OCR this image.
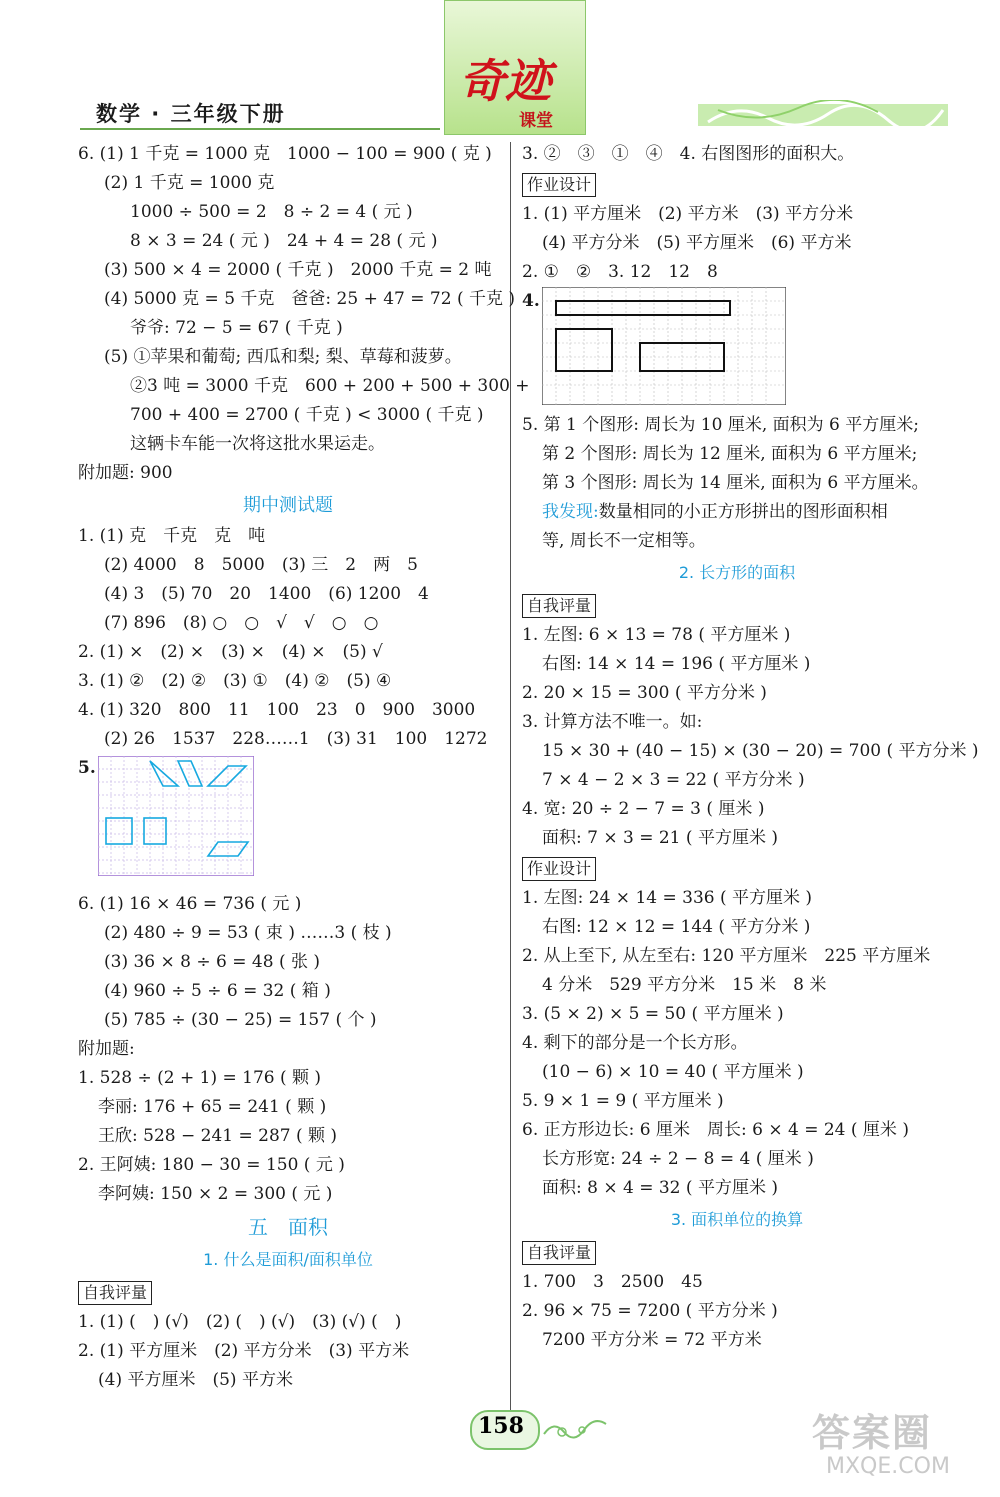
数学 · 三年级下册
奇迹
课堂
6. (1) 1 千克 = 1000 克　1000 − 100 = 900 ( 克 )
(2) 1 千克 = 1000 克
1000 ÷ 500 = 2　8 ÷ 2 = 4 ( 元 )
8 × 3 = 24 ( 元 )　24 + 4 = 28 ( 元 )
(3) 500 × 4 = 2000 ( 千克 )　2000 千克 = 2 吨
(4) 5000 克 = 5 千克　爸爸: 25 + 47 = 72 ( 千克 )
爷爷: 72 − 5 = 67 ( 千克 )
(5) ①苹果和葡萄; 西瓜和梨; 梨、草莓和菠萝。
②3 吨 = 3000 千克　600 + 200 + 500 + 300 +
700 + 400 = 2700 ( 千克 ) < 3000 ( 千克 )
这辆卡车能一次将这批水果运走。
附加题: 900
期中测试题
1. (1) 克　千克　克　吨
(2) 4000　8　5000　(3) 三　2　两　5
(4) 3　(5) 70　20　1400　(6) 1200　4
(7) 896　(8) ○　○　√　√　○　○
2. (1) ×　(2) ×　(3) ×　(4) ×　(5) √
3. (1) ②　(2) ②　(3) ①　(4) ②　(5) ④
4. (1) 320　800　11　100　23　0　900　3000
(2) 26　1537　228……1　(3) 31　100　1272
5.
6. (1) 16 × 46 = 736 ( 元 )
(2) 480 ÷ 9 = 53 ( 束 ) ……3 ( 枝 )
(3) 36 × 8 ÷ 6 = 48 ( 张 )
(4) 960 ÷ 5 ÷ 6 = 32 ( 箱 )
(5) 785 ÷ (30 − 25) = 157 ( 个 )
附加题:
1. 528 ÷ (2 + 1) = 176 ( 颗 )
李丽: 176 + 65 = 241 ( 颗 )
王欣: 528 − 241 = 287 ( 颗 )
2. 王阿姨: 180 − 30 = 150 ( 元 )
李阿姨: 150 × 2 = 300 ( 元 )
五　面积
1. 什么是面积/面积单位
自我评量
1. (1) (　) (√)　(2) (　) (√)　(3) (√) (　)
2. (1) 平方厘米　(2) 平方分米　(3) 平方米
(4) 平方厘米　(5) 平方米
3. ②　③　①　④　4. 右图图形的面积大。
作业设计
1. (1) 平方厘米　(2) 平方米　(3) 平方分米
(4) 平方分米　(5) 平方厘米　(6) 平方米
2. ①　②　3. 12　12　8
4.
5. 第 1 个图形: 周长为 10 厘米, 面积为 6 平方厘米;
第 2 个图形: 周长为 12 厘米, 面积为 6 平方厘米;
第 3 个图形: 周长为 14 厘米, 面积为 6 平方厘米。
我发现:数量相同的小正方形拼出的图形面积相
等, 周长不一定相等。
2. 长方形的面积
自我评量
1. 左图: 6 × 13 = 78 ( 平方厘米 )
右图: 14 × 14 = 196 ( 平方厘米 )
2. 20 × 15 = 300 ( 平方分米 )
3. 计算方法不唯一。如:
15 × 30 + (40 − 15) × (30 − 20) = 700 ( 平方分米 )
7 × 4 − 2 × 3 = 22 ( 平方分米 )
4. 宽: 20 ÷ 2 − 7 = 3 ( 厘米 )
面积: 7 × 3 = 21 ( 平方厘米 )
作业设计
1. 左图: 24 × 14 = 336 ( 平方厘米 )
右图: 12 × 12 = 144 ( 平方分米 )
2. 从上至下, 从左至右: 120 平方厘米　225 平方厘米
4 分米　529 平方分米　15 米　8 米
3. (5 × 2) × 5 = 50 ( 平方厘米 )
4. 剩下的部分是一个长方形。
(10 − 6) × 10 = 40 ( 平方厘米 )
5. 9 × 1 = 9 ( 平方厘米 )
6. 正方形边长: 6 厘米　周长: 6 × 4 = 24 ( 厘米 )
长方形宽: 24 ÷ 2 − 8 = 4 ( 厘米 )
面积: 8 × 4 = 32 ( 平方厘米 )
3. 面积单位的换算
自我评量
1. 700　3　2500　45
2. 96 × 75 = 7200 ( 平方分米 )
7200 平方分米 = 72 平方米
158	答案圈
MXQE.COM
